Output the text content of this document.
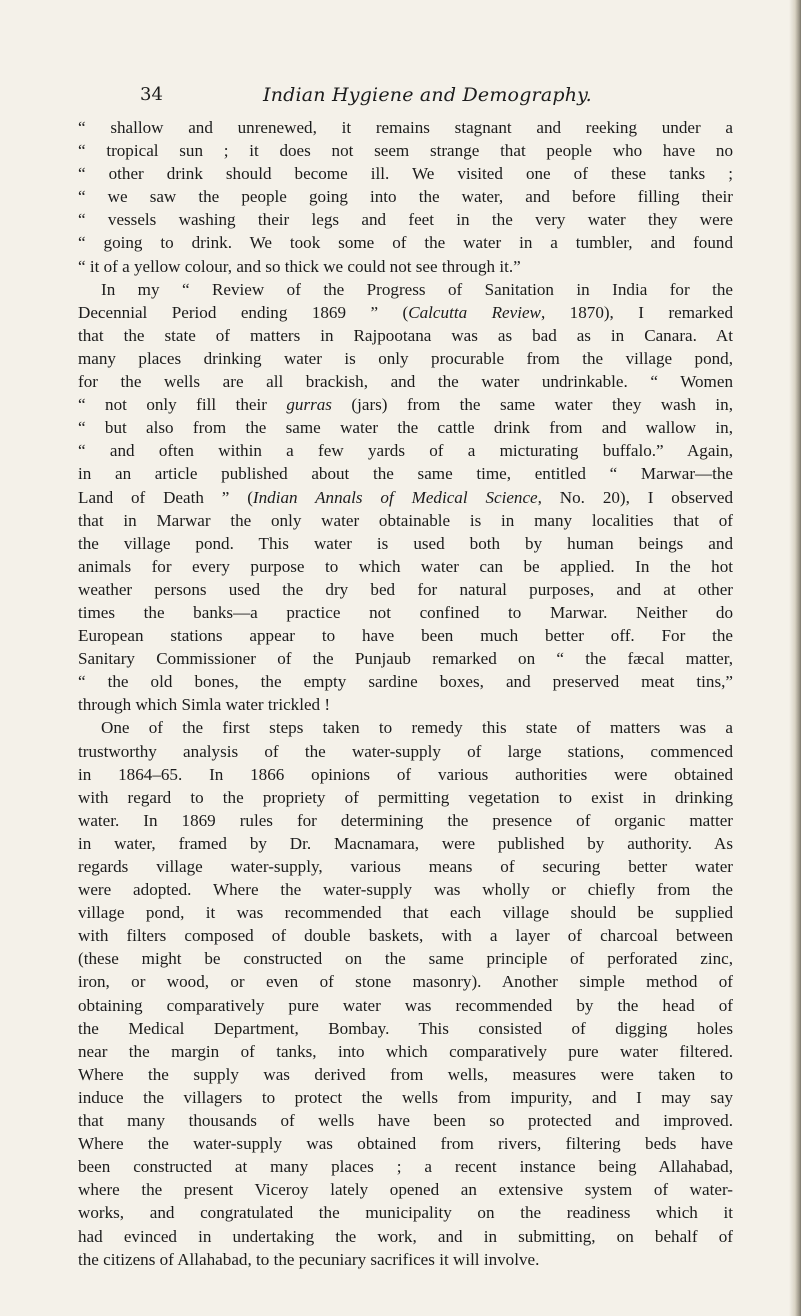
34	Indian Hygiene and Demography.
“ shallow and unrenewed, it remains stagnant and reeking under a
“ tropical sun ; it does not seem strange that people who have no
“ other drink should become ill. We visited one of these tanks ;
“ we saw the people going into the water, and before filling their
“ vessels washing their legs and feet in the very water they were
“ going to drink. We took some of the water in a tumbler, and found
“ it of a yellow colour, and so thick we could not see through it.”
In my “ Review of the Progress of Sanitation in India for the
Decennial Period ending 1869 ” (Calcutta Review, 1870), I remarked
that the state of matters in Rajpootana was as bad as in Canara. At
many places drinking water is only procurable from the village pond,
for the wells are all brackish, and the water undrinkable. “ Women
“ not only fill their gurras (jars) from the same water they wash in,
“ but also from the same water the cattle drink from and wallow in,
“ and often within a few yards of a micturating buffalo.” Again,
in an article published about the same time, entitled “ Marwar—the
Land of Death ” (Indian Annals of Medical Science, No. 20), I observed
that in Marwar the only water obtainable is in many localities that of
the village pond. This water is used both by human beings and
animals for every purpose to which water can be applied. In the hot
weather persons used the dry bed for natural purposes, and at other
times the banks—a practice not confined to Marwar. Neither do
European stations appear to have been much better off. For the
Sanitary Commissioner of the Punjaub remarked on “ the fæcal matter,
“ the old bones, the empty sardine boxes, and preserved meat tins,”
through which Simla water trickled !
One of the first steps taken to remedy this state of matters was a
trustworthy analysis of the water-supply of large stations, commenced
in 1864–65. In 1866 opinions of various authorities were obtained
with regard to the propriety of permitting vegetation to exist in drinking
water. In 1869 rules for determining the presence of organic matter
in water, framed by Dr. Macnamara, were published by authority. As
regards village water-supply, various means of securing better water
were adopted. Where the water-supply was wholly or chiefly from the
village pond, it was recommended that each village should be supplied
with filters composed of double baskets, with a layer of charcoal between
(these might be constructed on the same principle of perforated zinc,
iron, or wood, or even of stone masonry). Another simple method of
obtaining comparatively pure water was recommended by the head of
the Medical Department, Bombay. This consisted of digging holes
near the margin of tanks, into which comparatively pure water filtered.
Where the supply was derived from wells, measures were taken to
induce the villagers to protect the wells from impurity, and I may say
that many thousands of wells have been so protected and improved.
Where the water-supply was obtained from rivers, filtering beds have
been constructed at many places ; a recent instance being Allahabad,
where the present Viceroy lately opened an extensive system of water-
works, and congratulated the municipality on the readiness which it
had evinced in undertaking the work, and in submitting, on behalf of
the citizens of Allahabad, to the pecuniary sacrifices it will involve.
